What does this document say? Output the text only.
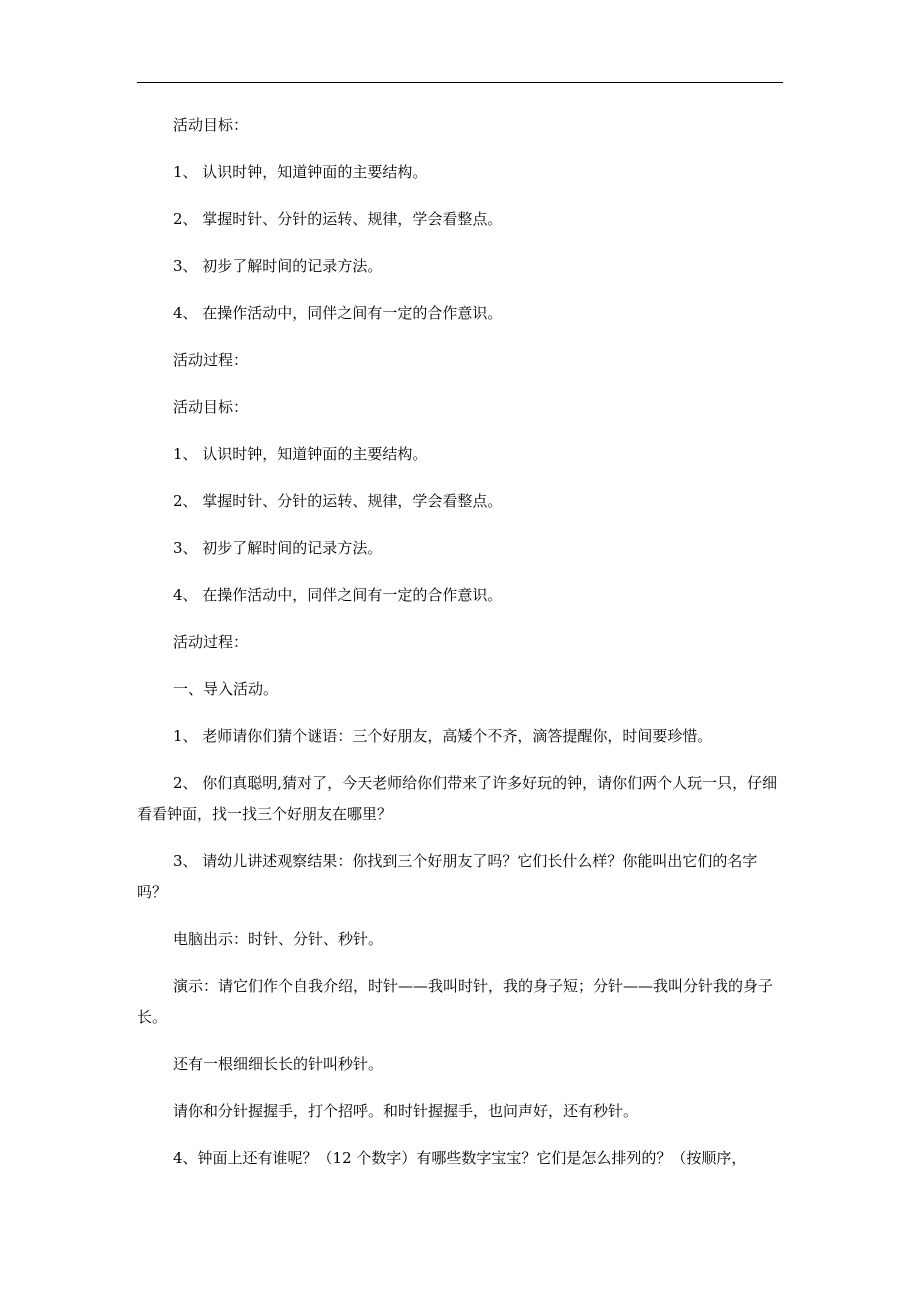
活动目标：

1、 认识时钟，知道钟面的主要结构。

2、 掌握时针、分针的运转、规律，学会看整点。

3、 初步了解时间的记录方法。

4、 在操作活动中，同伴之间有一定的合作意识。

活动过程：

活动目标：

1、 认识时钟，知道钟面的主要结构。

2、 掌握时针、分针的运转、规律，学会看整点。

3、 初步了解时间的记录方法。

4、 在操作活动中，同伴之间有一定的合作意识。

活动过程：

一、导入活动。

1、 老师请你们猜个谜语：三个好朋友，高矮个不齐，滴答提醒你，时间要珍惜。

2、 你们真聪明,猜对了，今天老师给你们带来了许多好玩的钟，请你们两个人玩一只，仔细看看钟面，找一找三个好朋友在哪里？

3、 请幼儿讲述观察结果：你找到三个好朋友了吗？它们长什么样？你能叫出它们的名字吗？

电脑出示：时针、分针、秒针。

演示：请它们作个自我介绍，时针——我叫时针，我的身子短；分针——我叫分针我的身子长。

还有一根细细长长的针叫秒针。

请你和分针握握手，打个招呼。和时针握握手，也问声好，还有秒针。

4、钟面上还有谁呢？（12 个数字）有哪些数字宝宝？它们是怎么排列的？（按顺序，
